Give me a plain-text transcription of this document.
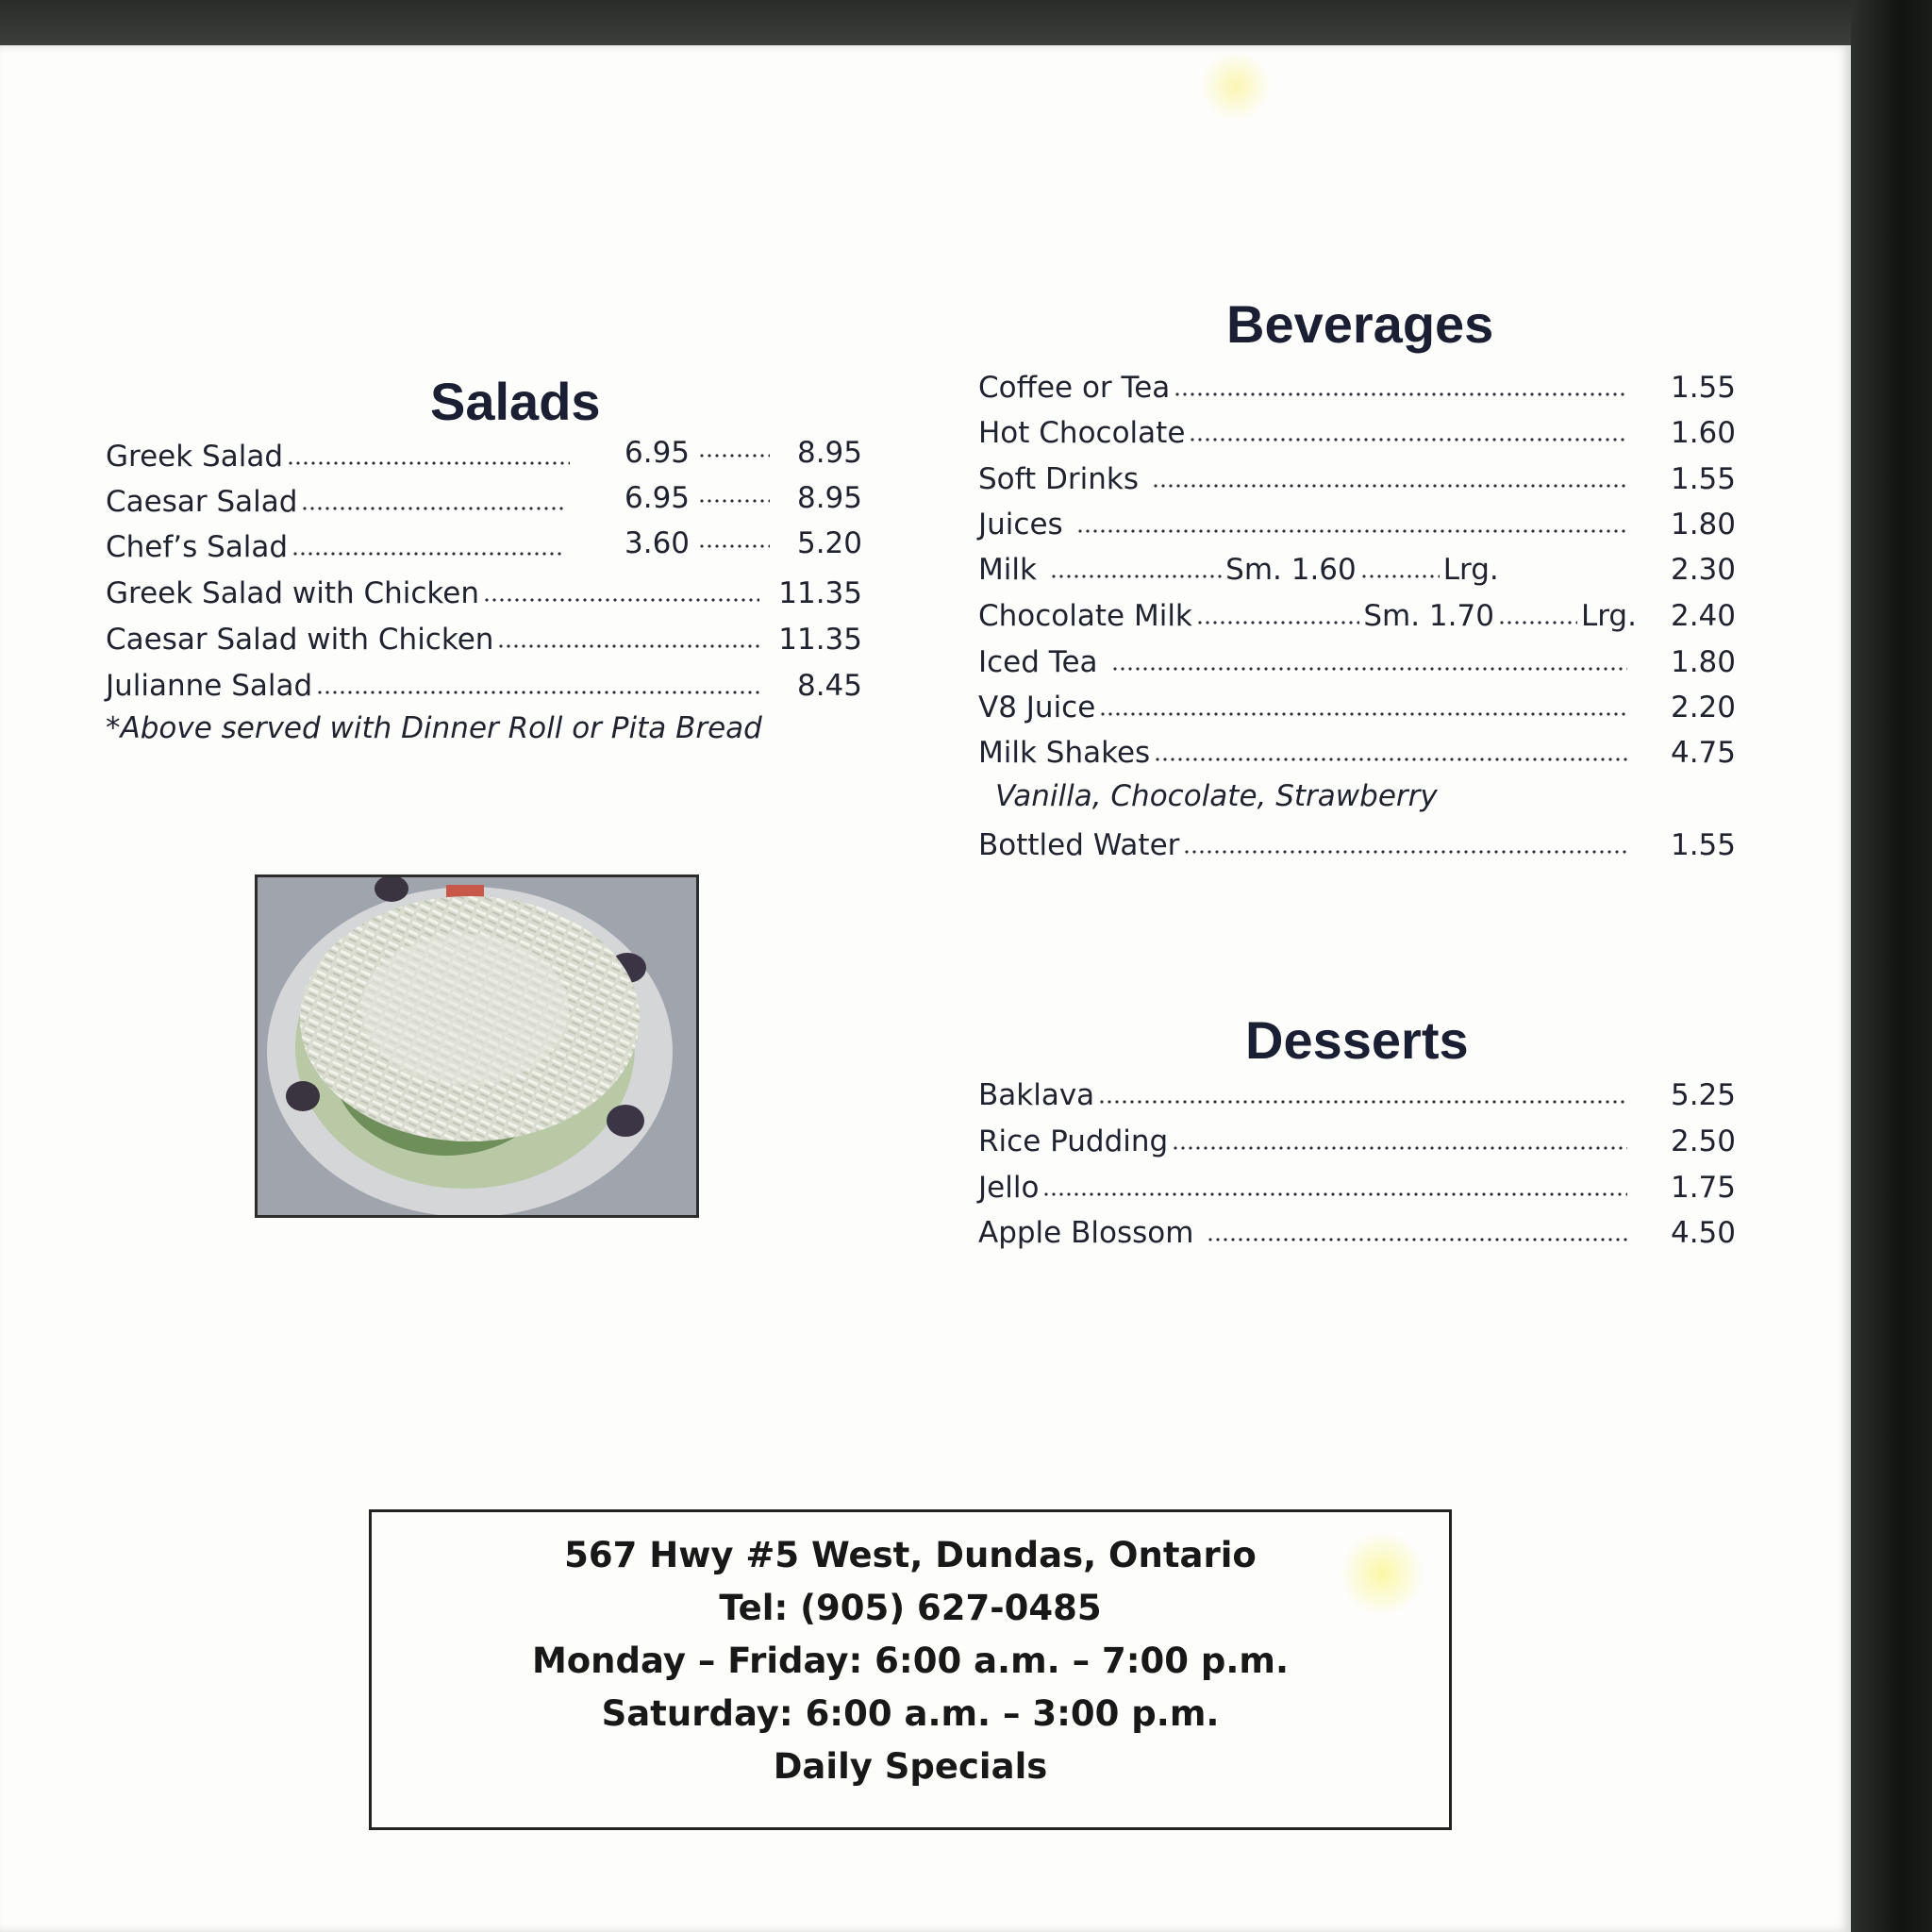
Salads
Greek Salad	6.95	8.95
Caesar Salad	6.95	8.95
Chef’s Salad	3.60	5.20
Greek Salad with Chicken	11.35
Caesar Salad with Chicken	11.35
Julianne Salad	8.45
*Above served with Dinner Roll or Pita Bread
Beverages
Coffee or Tea	1.55
Hot Chocolate	1.60
Soft Drinks	1.55
Juices	1.80
Milk	Sm. 1.60	Lrg.	2.30
Chocolate Milk	Sm. 1.70	Lrg. 2.40
Iced Tea	1.80
V8 Juice	2.20
Milk Shakes	4.75
Vanilla, Chocolate, Strawberry
Bottled Water	1.55
Desserts
Baklava	5.25
Rice Pudding	2.50
Jello	1.75
Apple Blossom	4.50
567 Hwy #5 West, Dundas, Ontario
Tel: (905) 627-0485
Monday – Friday: 6:00 a.m. – 7:00 p.m.
Saturday: 6:00 a.m. – 3:00 p.m.
Daily Specials
